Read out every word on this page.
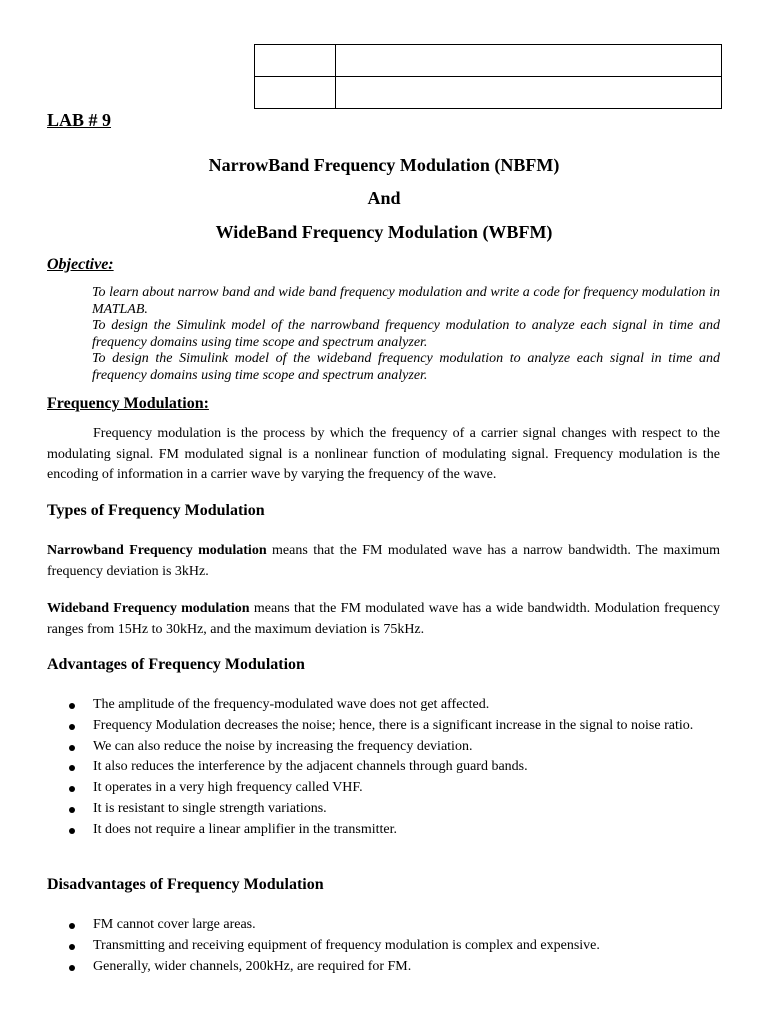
LAB # 9
NarrowBand Frequency Modulation (NBFM)
And
WideBand Frequency Modulation (WBFM)
Objective:

To learn about narrow band and wide band frequency modulation and write a code for frequency modulation in MATLAB.

To design the Simulink model of the narrowband frequency modulation to analyze each signal in time and frequency domains using time scope and spectrum analyzer.

To design the Simulink model of the wideband frequency modulation to analyze each signal in time and frequency domains using time scope and spectrum analyzer.

Frequency Modulation:

Frequency modulation is the process by which the frequency of a carrier signal changes with respect to the modulating signal. FM modulated signal is a nonlinear function of modulating signal. Frequency modulation is the encoding of information in a carrier wave by varying the frequency of the wave.

Types of Frequency Modulation

Narrowband Frequency modulation means that the FM modulated wave has a narrow bandwidth. The maximum frequency deviation is 3kHz.

Wideband Frequency modulation means that the FM modulated wave has a wide bandwidth. Modulation frequency ranges from 15Hz to 30kHz, and the maximum deviation is 75kHz.

Advantages of Frequency Modulation
The amplitude of the frequency-modulated wave does not get affected.
Frequency Modulation decreases the noise; hence, there is a significant increase in the signal to noise ratio.
We can also reduce the noise by increasing the frequency deviation.
It also reduces the interference by the adjacent channels through guard bands.
It operates in a very high frequency called VHF.
It is resistant to single strength variations.
It does not require a linear amplifier in the transmitter.
Disadvantages of Frequency Modulation
FM cannot cover large areas.
Transmitting and receiving equipment of frequency modulation is complex and expensive.
Generally, wider channels, 200kHz, are required for FM.
